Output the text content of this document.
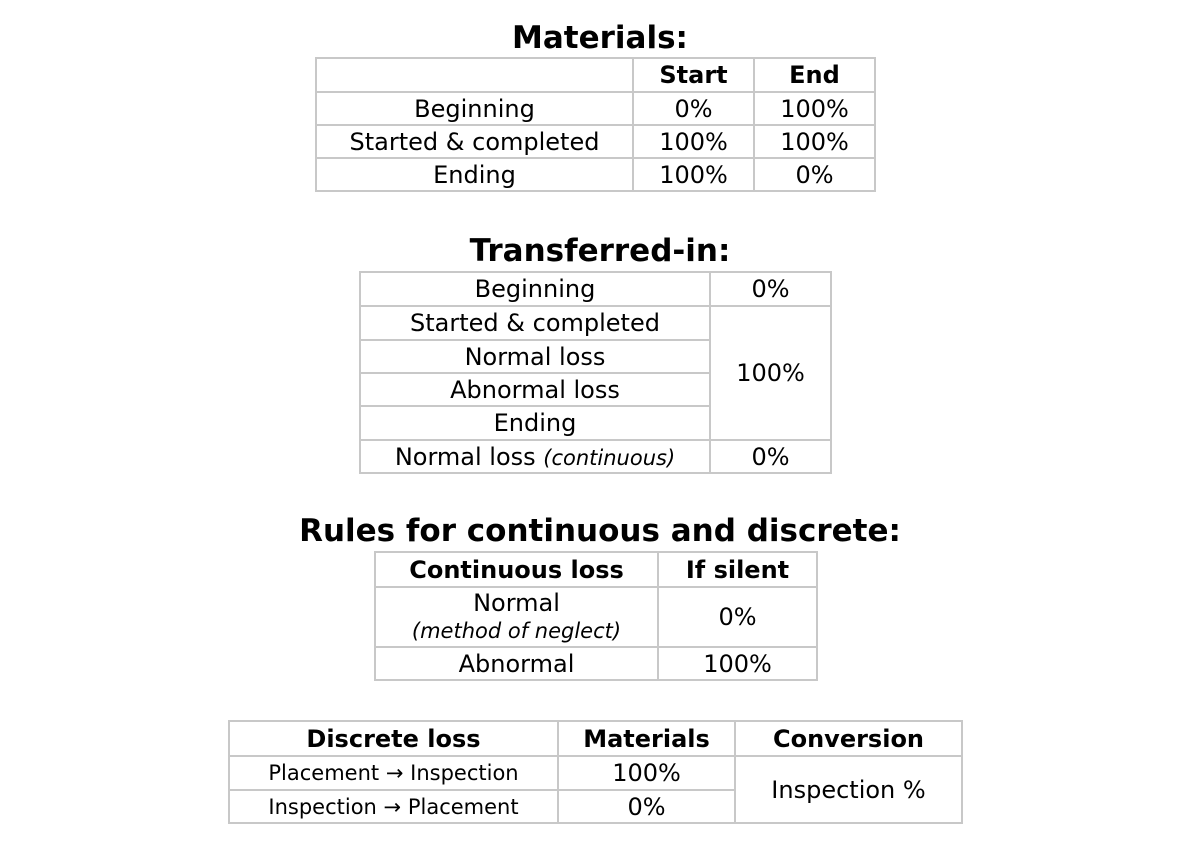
Materials:
	Start	End
Beginning	0%	100%
Started & completed	100%	100%
Ending	100%	0%
Transferred-in:
Beginning	0%
Started & completed	100%
Normal loss	
Abnormal loss	
Ending	
Normal loss (continuous)	0%
Rules for continuous and discrete:
Continuous loss	If silent

Normal
(method of neglect)	0%
Abnormal	100%
Discrete loss	Materials	Conversion
Placement → Inspection	100%	Inspection %
Inspection → Placement	0%	
